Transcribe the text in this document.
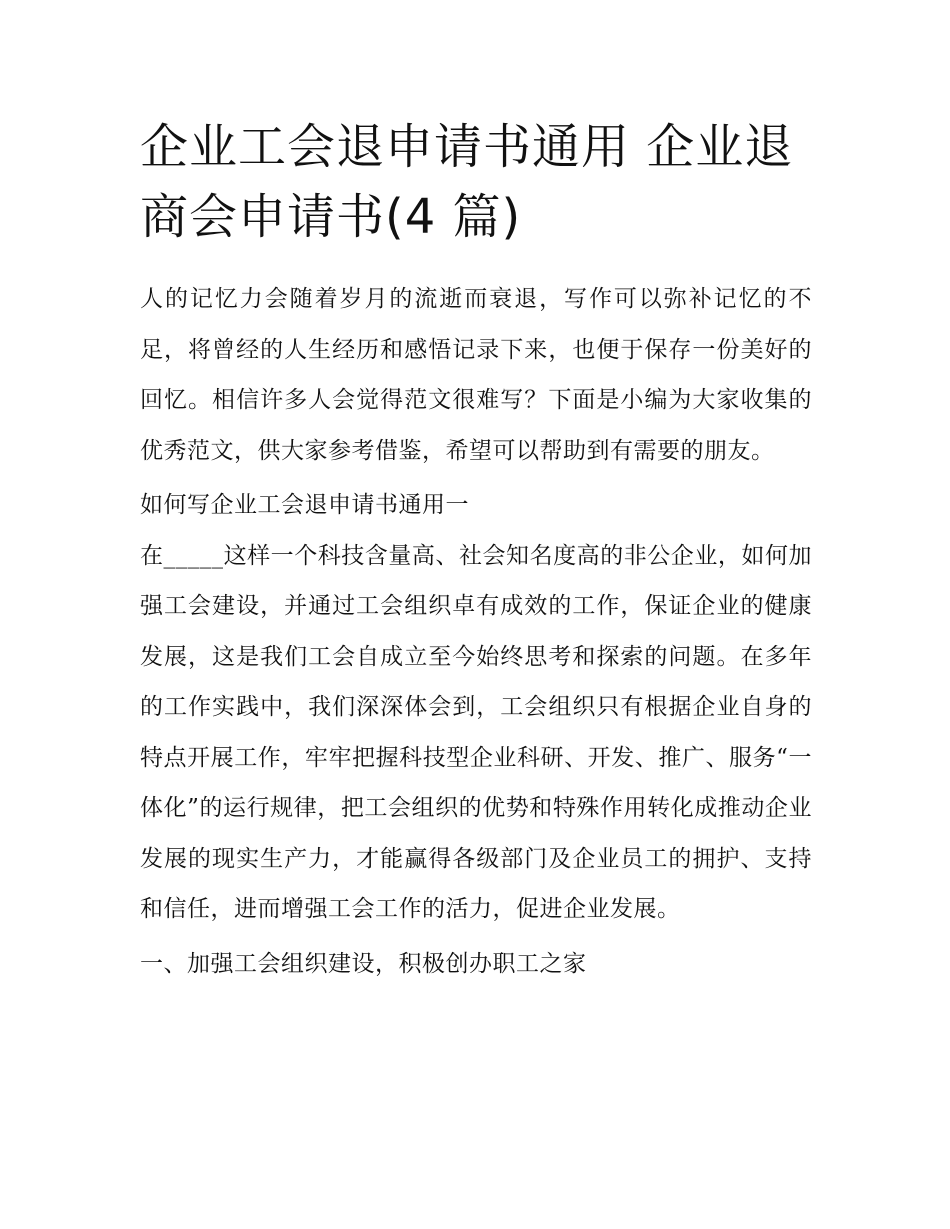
企业工会退申请书通用 企业退商会申请书(4 篇)

人的记忆力会随着岁月的流逝而衰退，写作可以弥补记忆的不足，将曾经的人生经历和感悟记录下来，也便于保存一份美好的回忆。相信许多人会觉得范文很难写？下面是小编为大家收集的优秀范文，供大家参考借鉴，希望可以帮助到有需要的朋友。

如何写企业工会退申请书通用一

在_____这样一个科技含量高、社会知名度高的非公企业，如何加强工会建设，并通过工会组织卓有成效的工作，保证企业的健康发展，这是我们工会自成立至今始终思考和探索的问题。在多年的工作实践中，我们深深体会到，工会组织只有根据企业自身的特点开展工作，牢牢把握科技型企业科研、开发、推广、服务“一体化”的运行规律，把工会组织的优势和特殊作用转化成推动企业发展的现实生产力，才能赢得各级部门及企业员工的拥护、支持和信任，进而增强工会工作的活力，促进企业发展。

一、加强工会组织建设，积极创办职工之家
